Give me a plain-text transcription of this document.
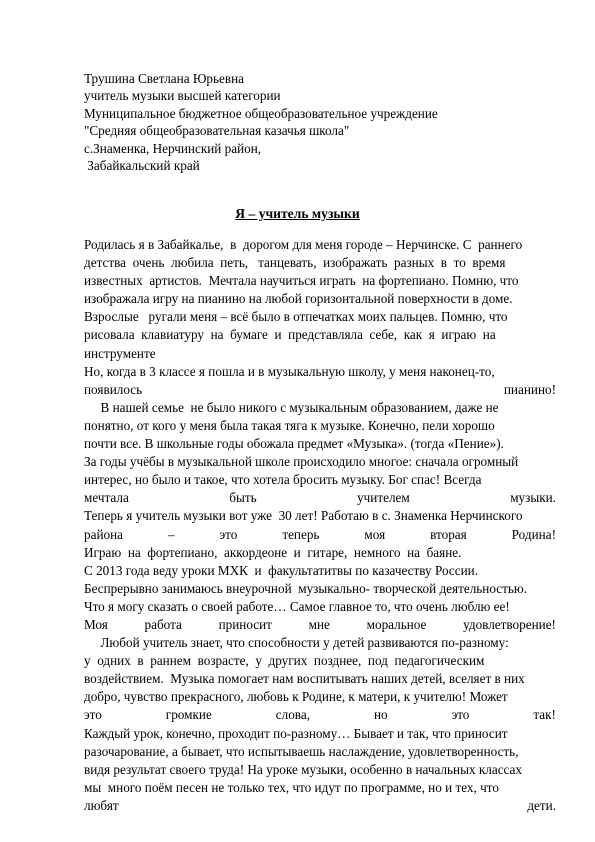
Трушина Светлана Юрьевна
учитель музыки высшей категории
Муниципальное бюджетное общеобразовательное учреждение
"Средняя общеобразовательная казачья школа"
с.Знаменка, Нерчинский район,
Забайкальский край
Я – учитель музыки
Родилась я в Забайкалье,  в  дорогом для меня городе – Нерчинске. С  раннего
детства  очень  любила  петь,   танцевать,  изображать  разных  в  то  время
известных  артистов.  Мечтала научиться играть  на фортепиано. Помню, что
изображала игру на пианино на любой горизонтальной поверхности в доме.
Взрослые   ругали меня – всё было в отпечатках моих пальцев. Помню, что
рисовала  клавиатуру  на  бумаге  и  представляла  себе,  как  я  играю  на
инструменте
Но, когда в 3 классе я пошла и в музыкальную школу, у меня наконец-то,
появилось	пианино!
В нашей семье  не было никого с музыкальным образованием, даже не
понятно, от кого у меня была такая тяга к музыке. Конечно, пели хорошо
почти все. В школьные годы обожала предмет «Музыка». (тогда «Пение»).
За годы учёбы в музыкальной школе происходило многое: сначала огромный
интерес, но было и такое, что хотела бросить музыку. Бог спас! Всегда
мечтала	быть	учителем	музыки.
Теперь я учитель музыки вот уже  30 лет! Работаю в с. Знаменка Нерчинского
района	–	это	теперь	моя	вторая	Родина!
Играю  на  фортепиано,  аккордеоне  и  гитаре,  немного  на  баяне.
С 2013 года веду уроки МХК  и  факультатитвы по казачеству России.
Беспрерывно занимаюсь внеурочной  музыкально- творческой деятельностью.
Что я могу сказать о своей работе… Самое главное то, что очень люблю ее!
Моя	работа	приносит	мне	моральное	удовлетворение!
Любой учитель знает, что способности у детей развиваются по-разному:
у  одних  в  раннем  возрасте,  у  других  позднее,  под  педагогическим
воздействием.  Музыка помогает нам воспитывать наших детей, вселяет в них
добро, чувство прекрасного, любовь к Родине, к матери, к учителю! Может
это	громкие	слова,	но	это	так!
Каждый урок, конечно, проходит по-разному… Бывает и так, что приносит
разочарование, а бывает, что испытываешь наслаждение, удовлетворенность,
видя результат своего труда! На уроке музыки, особенно в начальных классах
мы  много поём песен не только тех, что идут по программе, но и тех, что
любят	дети.
